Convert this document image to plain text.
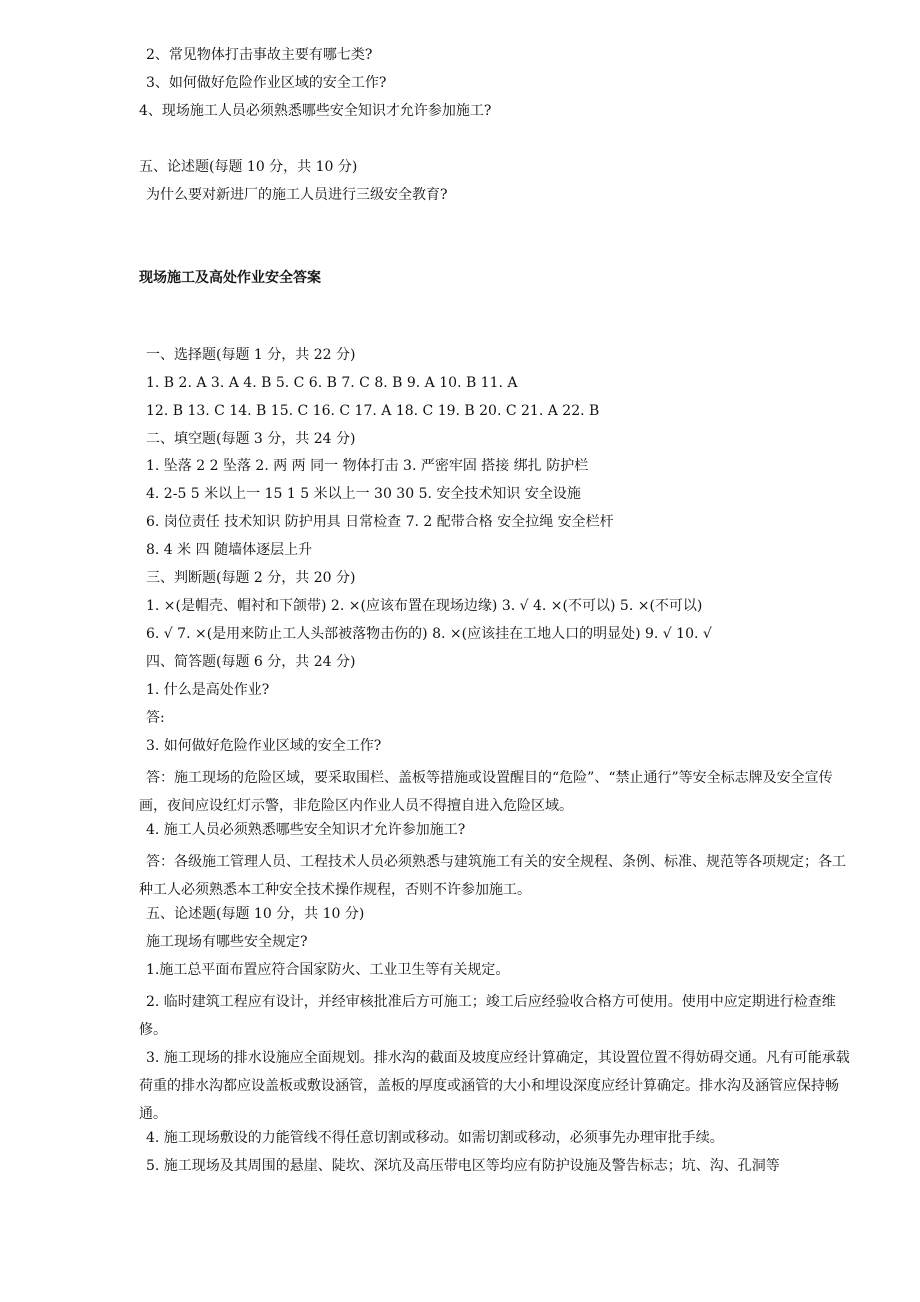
2、常见物体打击事故主要有哪七类?
3、如何做好危险作业区域的安全工作?
4、现场施工人员必须熟悉哪些安全知识才允许参加施工?
五、论述题(每题 10 分，共 10 分)
为什么要对新进厂的施工人员进行三级安全教育?
现场施工及高处作业安全答案
一、选择题(每题 1 分，共 22 分)
1. B 2. A 3. A 4. B 5. C 6. B 7. C 8. B 9. A 10. B 11. A
12. B 13. C 14. B 15. C 16. C 17. A 18. C 19. B 20. C 21. A 22. B
二、填空题(每题 3 分，共 24 分)
1. 坠落 2 2 坠落 2. 两 两 同一 物体打击 3. 严密牢固 搭接 绑扎 防护栏
4. 2-5 5 米以上一 15 1 5 米以上一 30 30 5. 安全技术知识 安全设施
6. 岗位责任 技术知识 防护用具 日常检查 7. 2 配带合格 安全拉绳 安全栏杆
8. 4 米 四 随墙体逐层上升
三、判断题(每题 2 分，共 20 分)
1. ×(是帽壳、帽衬和下颌带) 2. ×(应该布置在现场边缘) 3. √ 4. ×(不可以) 5. ×(不可以)
6. √ 7. ×(是用来防止工人头部被落物击伤的) 8. ×(应该挂在工地人口的明显处) 9. √ 10. √
四、简答题(每题 6 分，共 24 分)
1. 什么是高处作业?
答:
3. 如何做好危险作业区域的安全工作?
答：施工现场的危险区域，要采取围栏、盖板等措施或设置醒目的“危险”、“禁止通行”等安全标志牌及安全宣传画，夜间应设红灯示警，非危险区内作业人员不得擅自进入危险区域。
4. 施工人员必须熟悉哪些安全知识才允许参加施工?
答：各级施工管理人员、工程技术人员必须熟悉与建筑施工有关的安全规程、条例、标准、规范等各项规定；各工种工人必须熟悉本工种安全技术操作规程，否则不许参加施工。
五、论述题(每题 10 分，共 10 分)
施工现场有哪些安全规定?
1.施工总平面布置应符合国家防火、工业卫生等有关规定。
2. 临时建筑工程应有设计，并经审核批准后方可施工；竣工后应经验收合格方可使用。使用中应定期进行检查维修。
3. 施工现场的排水设施应全面规划。排水沟的截面及坡度应经计算确定，其设置位置不得妨碍交通。凡有可能承载荷重的排水沟都应设盖板或敷设涵管，盖板的厚度或涵管的大小和埋设深度应经计算确定。排水沟及涵管应保持畅通。
4. 施工现场敷设的力能管线不得任意切割或移动。如需切割或移动，必须事先办理审批手续。
5. 施工现场及其周围的悬崖、陡坎、深坑及高压带电区等均应有防护设施及警告标志；坑、沟、孔洞等
